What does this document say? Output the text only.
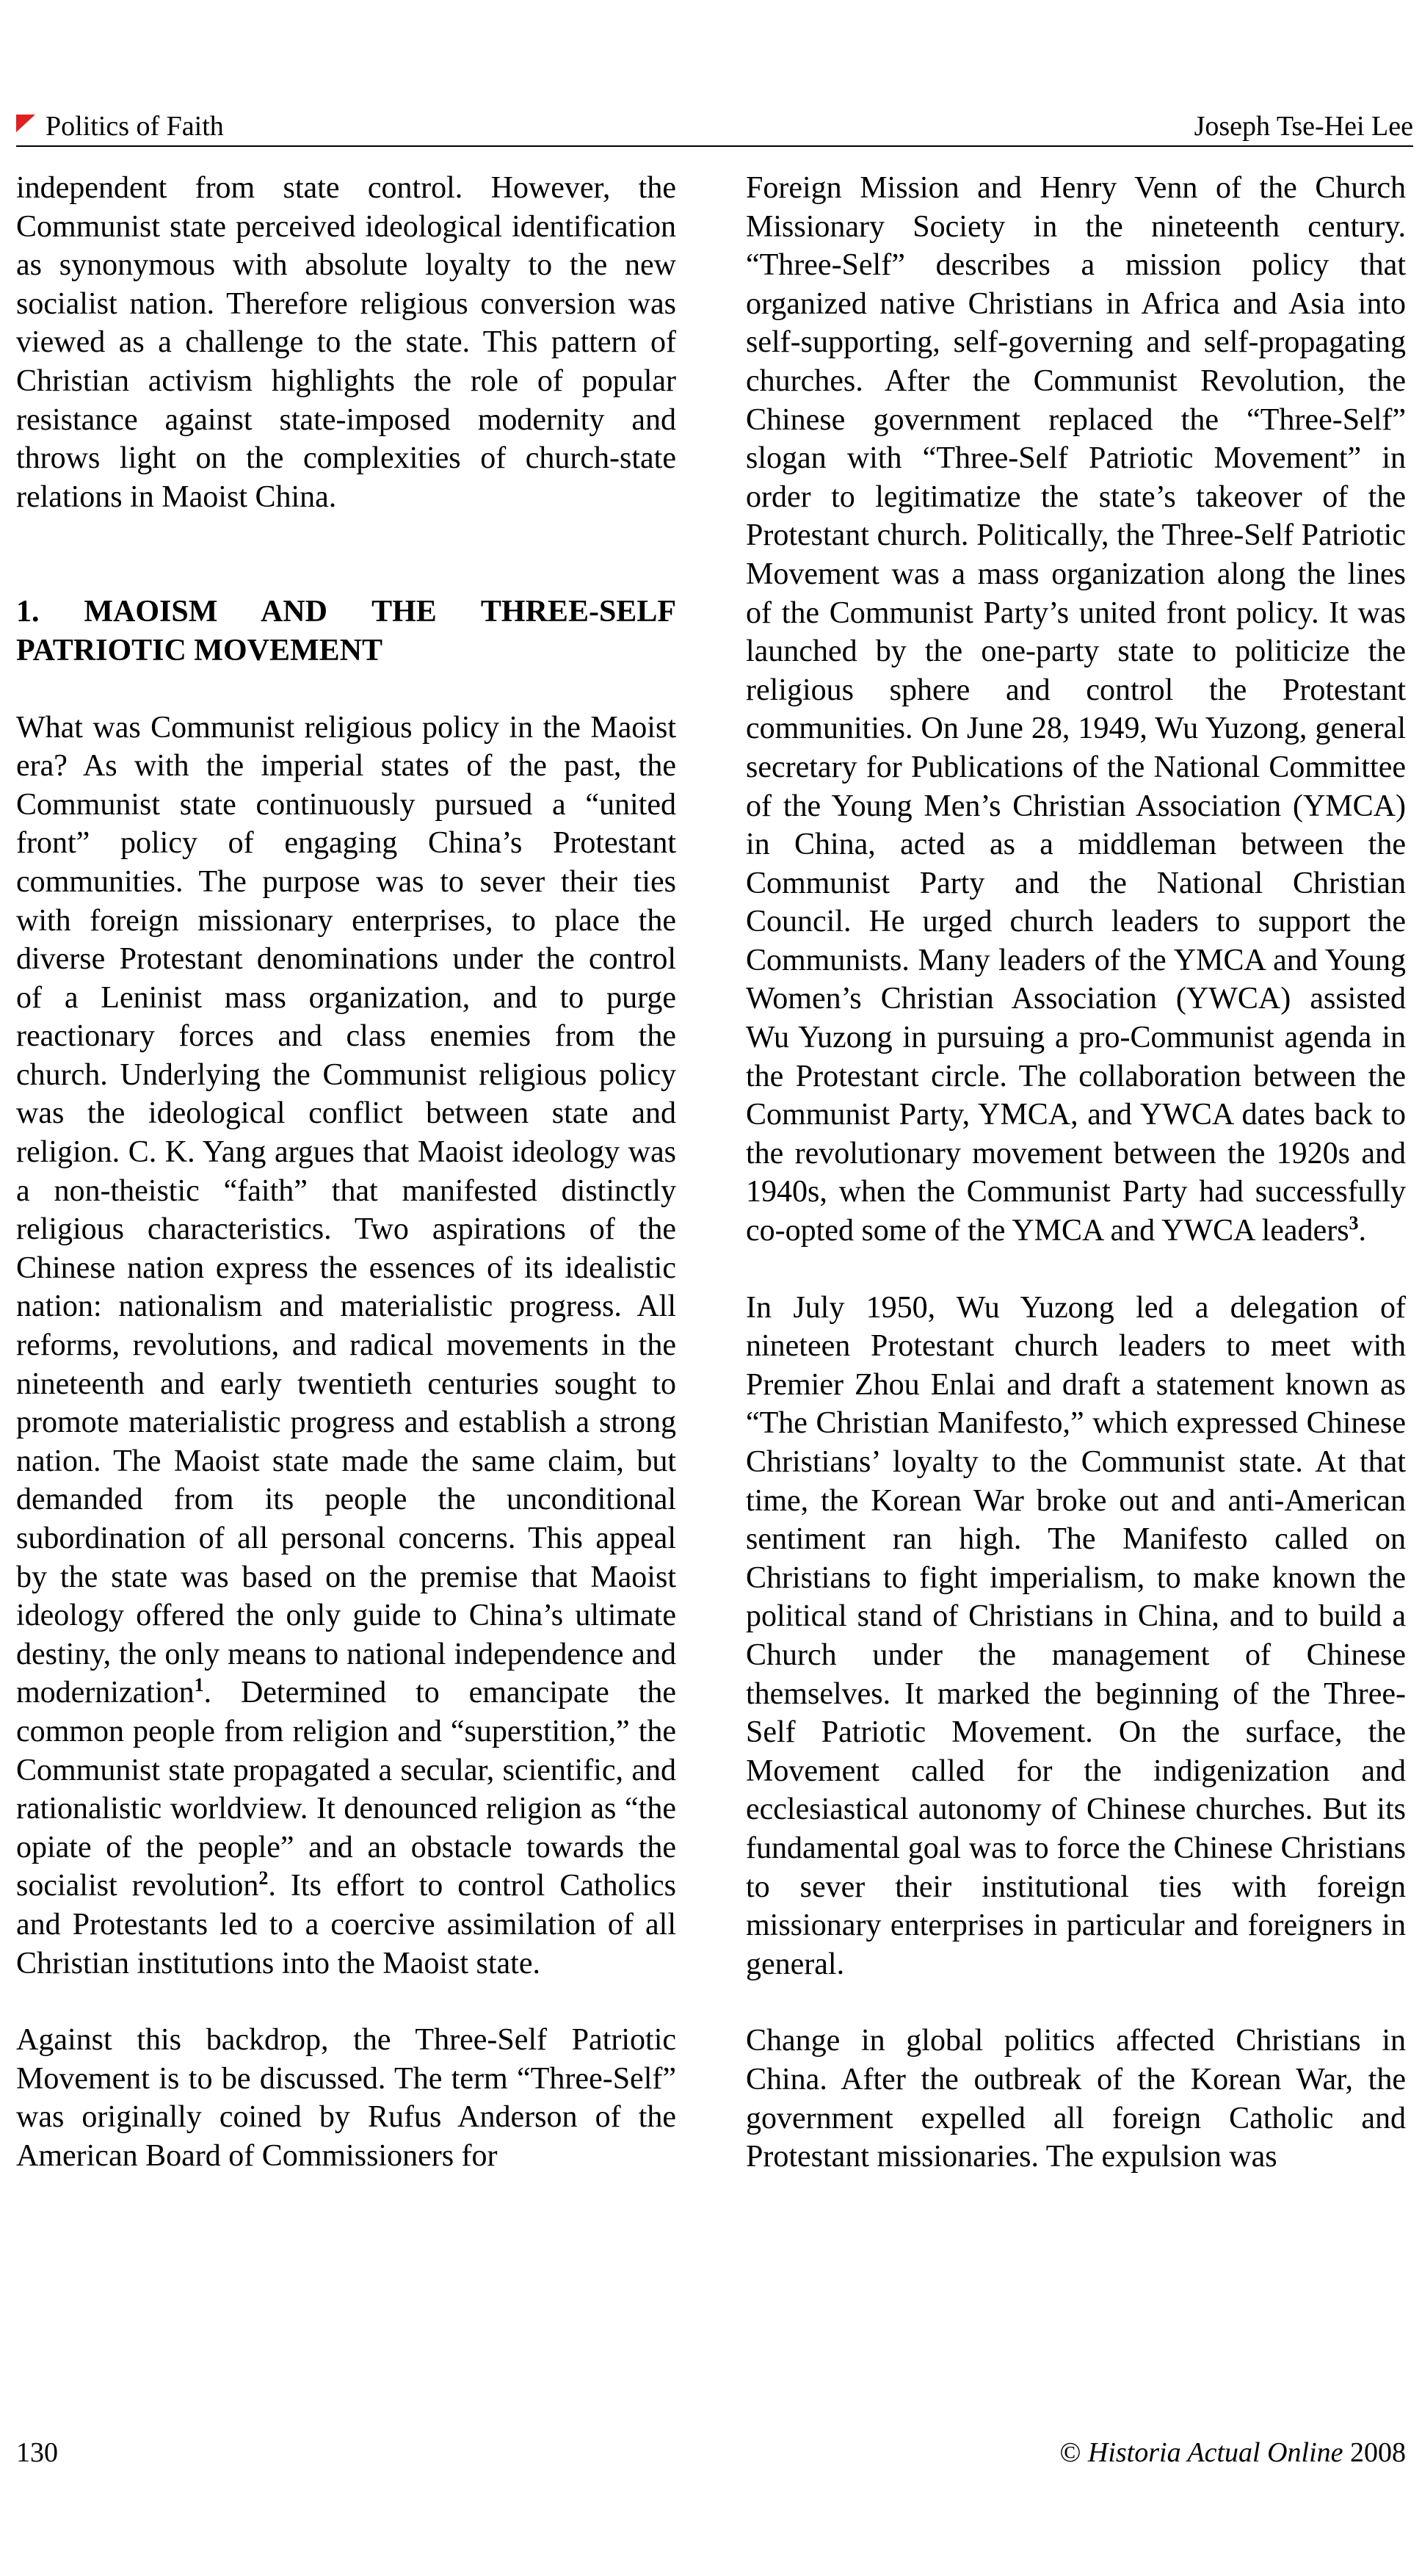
Politics of Faith	Joseph Tse-Hei Lee

independent from state control. However, the Communist state perceived ideological identification as synonymous with absolute loyalty to the new socialist nation. Therefore religious conversion was viewed as a challenge to the state. This pattern of Christian activism highlights the role of popular resistance against state-imposed modernity and throws light on the complexities of church-state relations in Maoist China.

1. MAOISM AND THE THREE-SELF PATRIOTIC MOVEMENT

What was Communist religious policy in the Maoist era? As with the imperial states of the past, the Communist state continuously pursued a “united front” policy of engaging China’s Protestant communities. The purpose was to sever their ties with foreign missionary enterprises, to place the diverse Protestant denominations under the control of a Leninist mass organization, and to purge reactionary forces and class enemies from the church. Underlying the Communist religious policy was the ideological conflict between state and religion. C. K. Yang argues that Maoist ideology was a non-theistic “faith” that manifested distinctly religious characteristics. Two aspirations of the Chinese nation express the essences of its idealistic nation: nationalism and materialistic progress. All reforms, revolutions, and radical movements in the nineteenth and early twentieth centuries sought to promote materialistic progress and establish a strong nation. The Maoist state made the same claim, but demanded from its people the unconditional subordination of all personal concerns. This appeal by the state was based on the premise that Maoist ideology offered the only guide to China’s ultimate destiny, the only means to national independence and modernization$^1$. Determined to emancipate the common people from religion and “superstition,” the Communist state propagated a secular, scientific, and rationalistic worldview. It denounced religion as “the opiate of the people” and an obstacle towards the socialist revolution$^2$. Its effort to control Catholics and Protestants led to a coercive assimilation of all Christian institutions into the Maoist state.

Against this backdrop, the Three-Self Patriotic Movement is to be discussed. The term “Three-Self” was originally coined by Rufus Anderson of the American Board of Commissioners for

Foreign Mission and Henry Venn of the Church Missionary Society in the nineteenth century. “Three-Self” describes a mission policy that organized native Christians in Africa and Asia into self-supporting, self-governing and self-propagating churches. After the Communist Revolution, the Chinese government replaced the “Three-Self” slogan with “Three-Self Patriotic Movement” in order to legitimatize the state’s takeover of the Protestant church. Politically, the Three-Self Patriotic Movement was a mass organization along the lines of the Communist Party’s united front policy. It was launched by the one-party state to politicize the religious sphere and control the Protestant communities. On June 28, 1949, Wu Yuzong, general secretary for Publications of the National Committee of the Young Men’s Christian Association (YMCA) in China, acted as a middleman between the Communist Party and the National Christian Council. He urged church leaders to support the Communists. Many leaders of the YMCA and Young Women’s Christian Association (YWCA) assisted Wu Yuzong in pursuing a pro-Communist agenda in the Protestant circle. The collaboration between the Communist Party, YMCA, and YWCA dates back to the revolutionary movement between the 1920s and 1940s, when the Communist Party had successfully co-opted some of the YMCA and YWCA leaders$^3$.

In July 1950, Wu Yuzong led a delegation of nineteen Protestant church leaders to meet with Premier Zhou Enlai and draft a statement known as “The Christian Manifesto,” which expressed Chinese Christians’ loyalty to the Communist state. At that time, the Korean War broke out and anti-American sentiment ran high. The Manifesto called on Christians to fight imperialism, to make known the political stand of Christians in China, and to build a Church under the management of Chinese themselves. It marked the beginning of the Three-Self Patriotic Movement. On the surface, the Movement called for the indigenization and ecclesiastical autonomy of Chinese churches. But its fundamental goal was to force the Chinese Christians to sever their institutional ties with foreign missionary enterprises in particular and foreigners in general.

Change in global politics affected Christians in China. After the outbreak of the Korean War, the government expelled all foreign Catholic and Protestant missionaries. The expulsion was

130	© Historia Actual Online 2008
